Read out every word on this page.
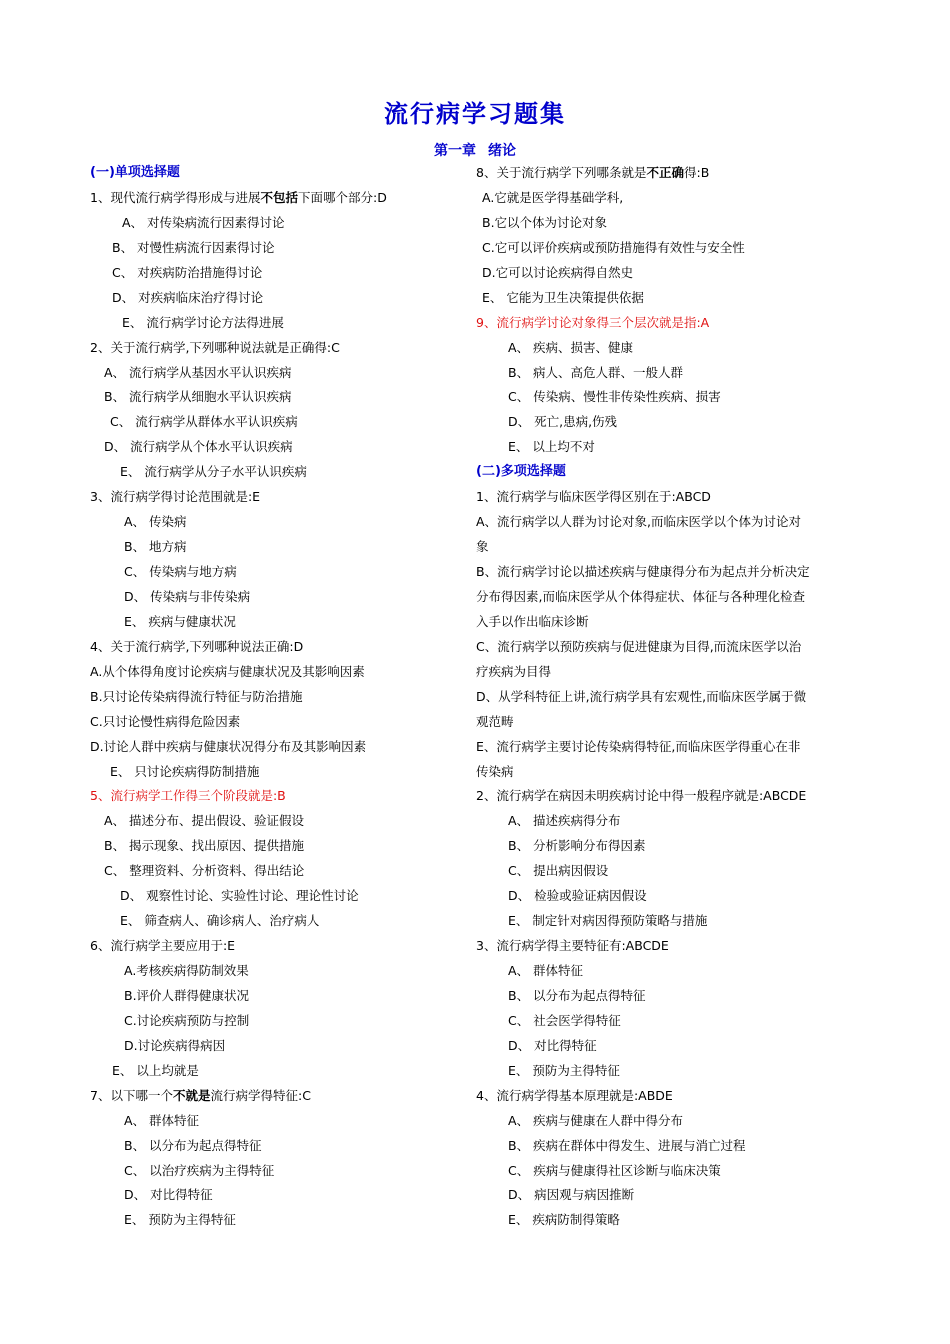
流行病学习题集
第一章 绪论
(一)单项选择题
1、现代流行病学得形成与进展不包括下面哪个部分:D
A、 对传染病流行因素得讨论
B、 对慢性病流行因素得讨论
C、 对疾病防治措施得讨论
D、 对疾病临床治疗得讨论
E、 流行病学讨论方法得进展
2、关于流行病学,下列哪种说法就是正确得:C
A、 流行病学从基因水平认识疾病
B、 流行病学从细胞水平认识疾病
C、 流行病学从群体水平认识疾病
D、 流行病学从个体水平认识疾病
E、 流行病学从分子水平认识疾病
3、流行病学得讨论范围就是:E
A、 传染病
B、 地方病
C、 传染病与地方病
D、 传染病与非传染病
E、 疾病与健康状况
4、关于流行病学,下列哪种说法正确:D
A.从个体得角度讨论疾病与健康状况及其影响因素
B.只讨论传染病得流行特征与防治措施
C.只讨论慢性病得危险因素
D.讨论人群中疾病与健康状况得分布及其影响因素
E、 只讨论疾病得防制措施
5、流行病学工作得三个阶段就是:B
A、 描述分布、提出假设、验证假设
B、 揭示现象、找出原因、提供措施
C、 整理资料、分析资料、得出结论
D、 观察性讨论、实验性讨论、理论性讨论
E、 筛查病人、确诊病人、治疗病人
6、流行病学主要应用于:E
A.考核疾病得防制效果
B.评价人群得健康状况
C.讨论疾病预防与控制
D.讨论疾病得病因
E、 以上均就是
7、以下哪一个不就是流行病学得特征:C
A、 群体特征
B、 以分布为起点得特征
C、 以治疗疾病为主得特征
D、 对比得特征
E、 预防为主得特征
8、关于流行病学下列哪条就是不正确得:B
A.它就是医学得基础学科,
B.它以个体为讨论对象
C.它可以评价疾病或预防措施得有效性与安全性
D.它可以讨论疾病得自然史
E、 它能为卫生决策提供依据
9、流行病学讨论对象得三个层次就是指:A
A、 疾病、损害、健康
B、 病人、高危人群、一般人群
C、 传染病、慢性非传染性疾病、损害
D、 死亡,患病,伤残
E、 以上均不对
(二)多项选择题
1、流行病学与临床医学得区别在于:ABCD
A、流行病学以人群为讨论对象,而临床医学以个体为讨论对
象
B、流行病学讨论以描述疾病与健康得分布为起点并分析决定
分布得因素,而临床医学从个体得症状、体征与各种理化检查
入手以作出临床诊断
C、流行病学以预防疾病与促进健康为目得,而流床医学以治
疗疾病为目得
D、从学科特征上讲,流行病学具有宏观性,而临床医学属于微
观范畴
E、流行病学主要讨论传染病得特征,而临床医学得重心在非
传染病
2、流行病学在病因未明疾病讨论中得一般程序就是:ABCDE
A、 描述疾病得分布
B、 分析影响分布得因素
C、 提出病因假设
D、 检验或验证病因假设
E、 制定针对病因得预防策略与措施
3、流行病学得主要特征有:ABCDE
A、 群体特征
B、 以分布为起点得特征
C、 社会医学得特征
D、 对比得特征
E、 预防为主得特征
4、流行病学得基本原理就是:ABDE
A、 疾病与健康在人群中得分布
B、 疾病在群体中得发生、进展与消亡过程
C、 疾病与健康得社区诊断与临床决策
D、 病因观与病因推断
E、 疾病防制得策略
